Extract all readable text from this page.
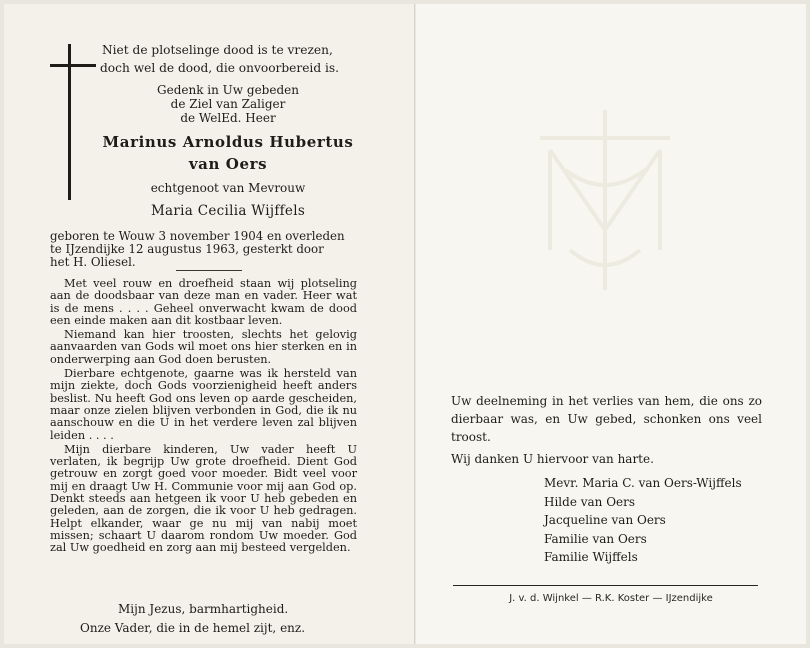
Niet de plotselinge dood is te vrezen,
doch wel de dood, die onvoorbereid is.
Gedenk in Uw gebeden
de Ziel van Zaliger
de WelEd. Heer
Marinus Arnoldus Hubertus
van Oers
echtgenoot van Mevrouw
Maria Cecilia Wijffels
geboren te Wouw 3 november 1904 en overleden
te IJzendijke 12 augustus 1963, gesterkt door
het H. Oliesel.

Met veel rouw en droefheid staan wij plotseling aan de doodsbaar van deze man en vader. Heer wat is de mens . . . . Geheel onverwacht kwam de dood een einde maken aan dit kostbaar leven.

Niemand kan hier troosten, slechts het gelovig aanvaarden van Gods wil moet ons hier sterken en in onderwerping aan God doen berusten.

Dierbare echtgenote, gaarne was ik hersteld van mijn ziekte, doch Gods voorzienigheid heeft anders beslist. Nu heeft God ons leven op aarde gescheiden, maar onze zielen blijven verbonden in God, die ik nu aanschouw en die U in het verdere leven zal blijven leiden . . . .

Mijn dierbare kinderen, Uw vader heeft U verlaten, ik begrijp Uw grote droefheid. Dient God getrouw en zorgt goed voor moeder. Bidt veel voor mij en draagt Uw H. Communie voor mij aan God op. Denkt steeds aan hetgeen ik voor U heb gebeden en geleden, aan de zorgen, die ik voor U heb gedragen. Helpt elkander, waar ge nu mij van nabij moet missen; schaart U daarom rondom Uw moeder. God zal Uw goedheid en zorg aan mij besteed vergelden.

Mijn Jezus, barmhartigheid.
Onze Vader, die in de hemel zijt, enz.
Uw deelneming in het verlies van hem, die ons zo dierbaar was, en Uw gebed, schonken ons veel troost.
Wij danken U hiervoor van harte.
Mevr. Maria C. van Oers-Wijffels
Hilde van Oers
Jacqueline van Oers
Familie van Oers
Familie Wijffels
J. v. d. Wijnkel — R.K. Koster — IJzendijke
